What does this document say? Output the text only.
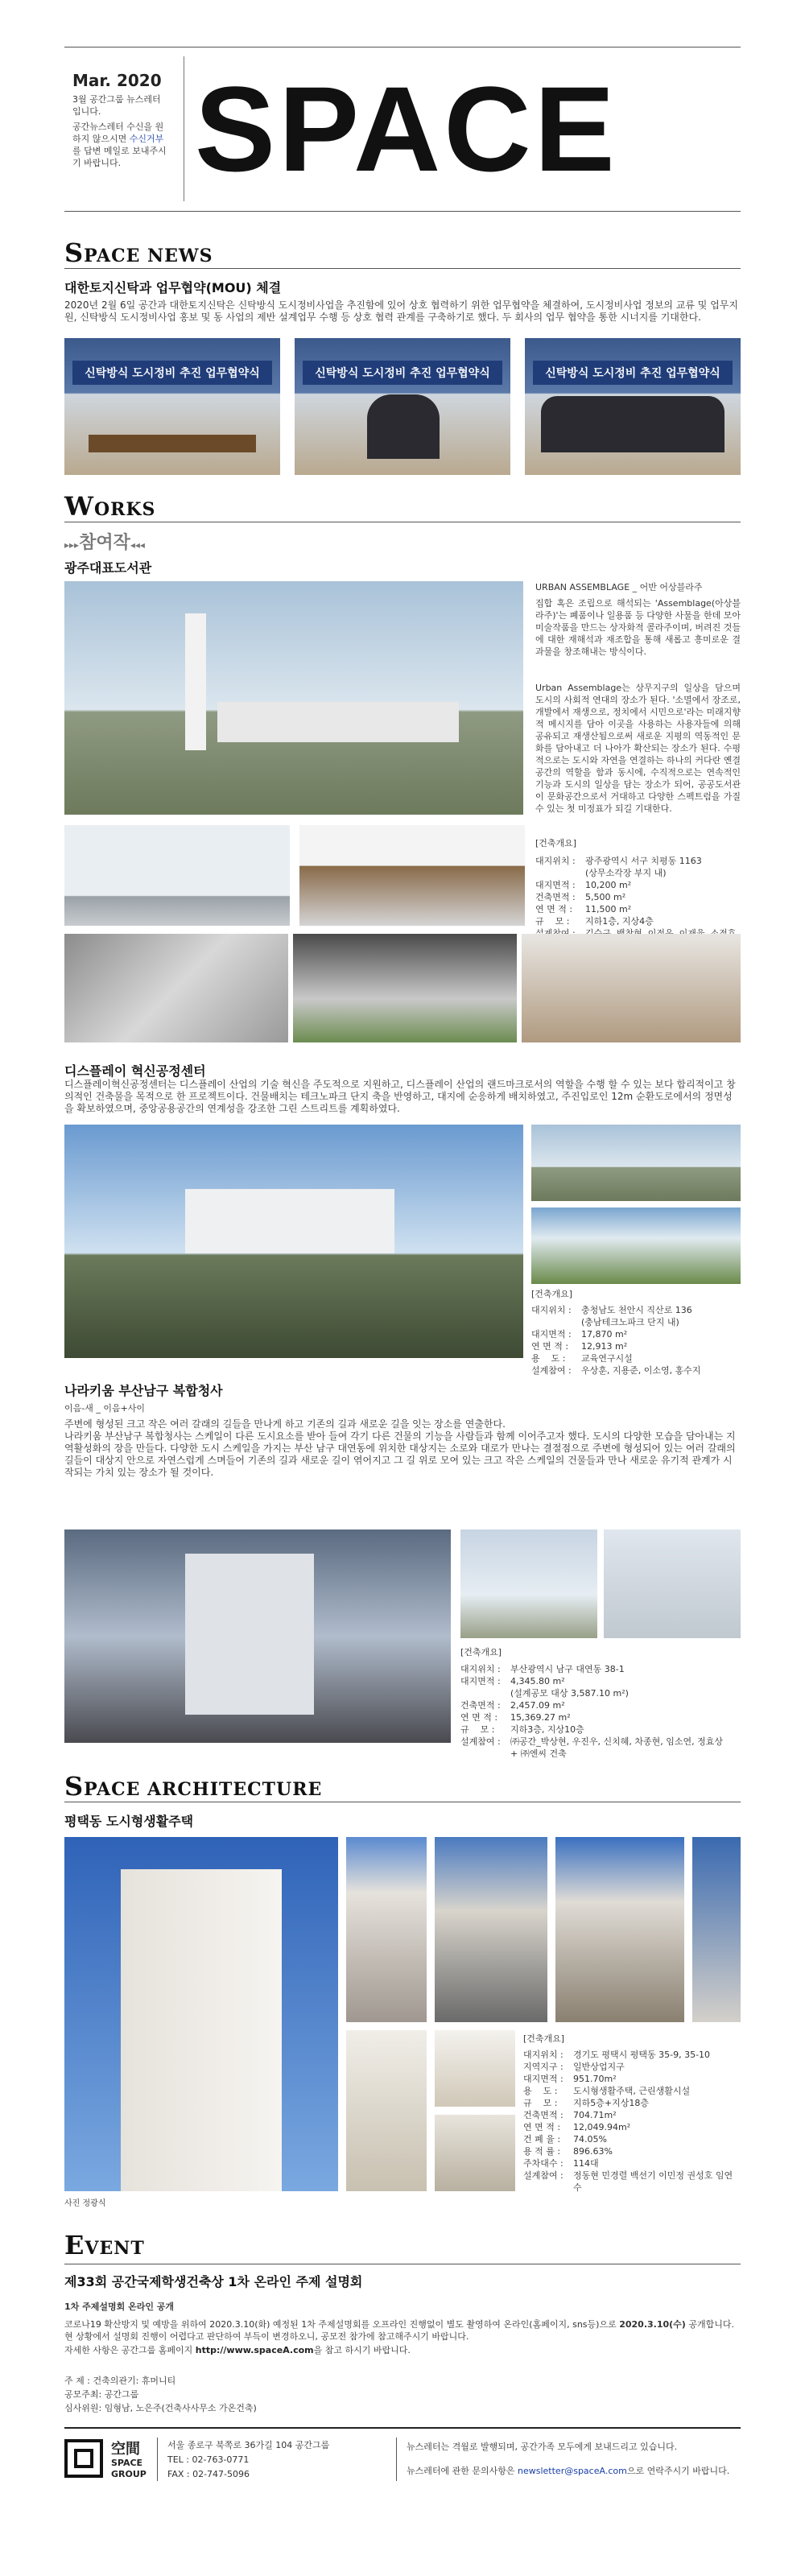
Mar. 2020
3월 공간그룹 뉴스레터 입니다.
공간뉴스레터 수신을 원하지 않으시면 수신거부를 답변 메일로 보내주시기 바랍니다. SPACE
SPACE NEWS
대한토지신탁과 업무협약(MOU) 체결
2020년 2월 6일 공간과 대한토지신탁은 신탁방식 도시정비사업을 추진함에 있어 상호 협력하기 위한 업무협약을 체결하여, 도시정비사업 정보의 교류 및 업무지원, 신탁방식 도시정비사업 홍보 및 동 사업의 제반 설계업무 수행 등 상호 협력 관계를 구축하기로 했다. 두 회사의 업무 협약을 통한 시너지를 기대한다.
신탁방식 도시정비 추진 업무협약식	신탁방식 도시정비 추진 업무협약식	신탁방식 도시정비 추진 업무협약식
WORKS
▸▸▸참여작◂◂◂
광주대표도서관
URBAN ASSEMBLAGE _ 어반 어상블라주
집합 혹은 조립으로 해석되는 'Assemblage(아상블라주)'는 폐품이나 일용품 등 다양한 사물을 한데 모아 미술작품을 만드는 상자화적 콜라주이며, 버려진 것들에 대한 재해석과 재조합을 통해 새롭고 흥미로운 결과물을 창조해내는 방식이다.
Urban Assemblage는 상무지구의 일상을 담으며 도시의 사회적 연대의 장소가 된다. '소멸에서 장조로, 개발에서 재생으로, 정치에서 시민으로'라는 미래지향적 메시지를 담아 이곳을 사용하는 사용자들에 의해 공유되고 재생산됨으로써 새로운 지평의 역동적인 문화를 담아내고 더 나아가 확산되는 장소가 된다. 수평적으로는 도시와 자연을 연결하는 하나의 커다란 옌결 공간의 역할을 함과 동시에, 수직적으로는 연속적인 기능과 도시의 일상을 담는 장소가 되어, 공공도서관이 문화공간으로서 거대하고 다양한 스펙트럼을 가질 수 있는 첫 미정표가 되길 기대한다.
[건축개요]
대지위치 : 광주광역시 서구 치평동 1163
(상무소각장 부지 내)
대지면적 : 10,200 m²
건축면적 : 5,500 m²
연 면 적 :	11,500 m²
규    모 :	지하1층, 지상4층
디스플레이 혁신공정센터
디스플레이혁신공정센터는 디스플레이 산업의 기술 혁신을 주도적으로 지원하고, 디스플레이 산업의 랜드마크로서의 역할을 수행 할 수 있는 보다 합리적이고 창의적인 건축물을 목적으로 한 프로젝트이다. 건물배치는 테크노파크 단지 축을 반영하고, 대지에 순응하게 배치하였고, 주진입로인 12m 순환도로에서의 정면성을 확보하였으며, 중앙공용공간의 연계성을 강조한 그린 스트리트를 계획하였다.
[건축개요]
대지위치 : 충청남도 천안시 직산로 136
(충남테크노파크 단지 내)
대지면적 : 17,870 m²
연 면 적 :	12,913 m²
용    도 :	교육연구시설
설계참여 : 우상훈, 지용준, 이소영, 홍수지
나라키움 부산남구 복합청사
이음-새 _ 이음+사이
주변에 형성된 크고 작은 여러 갈래의 길들을 만나게 하고 기존의 길과 새로운 길을 잇는 장소를 연출한다.
나라키움 부산남구 복합청사는 스케일이 다른 도시요소를 받아 들여 각기 다른 건물의 기능을 사람들과 함께 이어주고자 했다. 도시의 다양한 모습을 담아내는 지역활성화의 장을 만들다. 다양한 도시 스케일을 가지는 부산 남구 대연동에 위치한 대상지는 소로와 대로가 만나는 결절점으로 주변에 형성되어 있는 여러 갈래의 길들이 대상지 안으로 자연스럽게 스며들어 기존의 길과 새로운 길이 엮어지고 그 길 위로 모여 있는 크고 작은 스케일의 건물들과 만나 새로운 유기적 관계가 시작되는 가치 있는 장소가 될 것이다.
[건축개요]
대지위치 : 부산광역시 남구 대연동 38-1
대지면적 : 4,345.80 m²
(설계공모 대상 3,587.10 m²)
건축면적 : 2,457.09 m²
연 면 적 :	15,369.27 m²
규    모 :	지하3층, 지상10층
설계참여 : ㈜공간_박상현, 우진우, 신치혜, 차종현, 임소연, 정효상
+ ㈜엔씨 건축
SPACE ARCHITECTURE
평택동 도시형생활주택
[건축개요]
대지위치 : 경기도 평택시 평택동 35-9, 35-10
지역지구 : 일반상업지구
대지면적 : 951.70m²
용    도 :	도시형생활주택, 근린생활시설
규    모 :	지하5층+지상18층
건축면적 : 704.71m²
연 면 적 :	12,049.94m²
건 폐 율 :	74.05%
용 적 률 :	896.63%
주차대수 : 114대
설계참여 : 정동현 민경렬 백선기 이민정 권성호 임연수
사진 정광식
EVENT
제33회 공간국제학생건축상 1차 온라인 주제 설명회
1차 주제설명회 온라인 공개
코로나19 확산방지 및 예방을 위하여 2020.3.10(화) 예정된 1차 주제설명회를 오프라인 진행없이 별도 촬영하여 온라인(홈페이지, sns등)으로 2020.3.10(수) 공개합니다. 현 상황에서 설명회 진행이 어렵다고 판단하여 부득이 변경하오니, 공모전 참가에 참고해주시기 바랍니다.
자세한 사항은 공간그룹 홈페이지 http://www.spaceA.com을 참고 하시기 바랍니다.
주 제 : 건축의관기: 휴머니티
공모주최: 공간그룹
심사위원: 임형남, 노은주(건축사사무소 가온건축)
空間
SPACE
GROUP
서울 종로구 북쪽로 36가길 104 공간그룹
TEL : 02-763-0771
FAX : 02-747-5096
뉴스레터는 격월로 발행되며, 공간가족 모두에게 보내드리고 있습니다.
뉴스레터에 관한 문의사항은 newsletter@spaceA.com으로 연락주시기 바랍니다.
